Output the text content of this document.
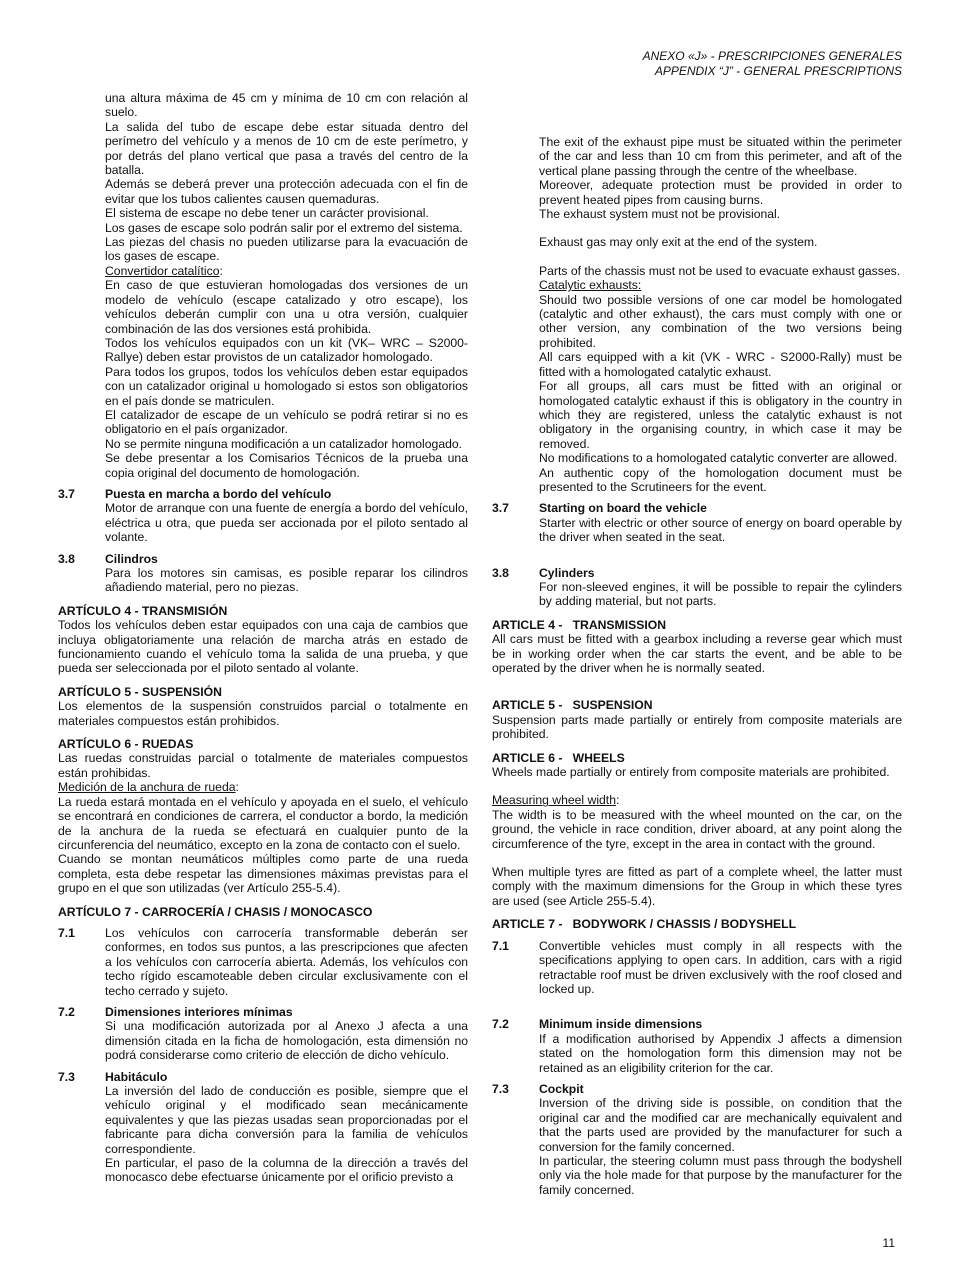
ANEXO «J» - PRESCRIPCIONES GENERALES
APPENDIX “J” - GENERAL PRESCRIPTIONS

una altura máxima de 45 cm y mínima de 10 cm con relación al suelo.

La salida del tubo de escape debe estar situada dentro del perímetro del vehículo y a menos de 10 cm de este perímetro, y por detrás del plano vertical que pasa a través del centro de la batalla.

Además se deberá prever una protección adecuada con el fin de evitar que los tubos calientes causen quemaduras.

El sistema de escape no debe tener un carácter provisional.

Los gases de escape solo podrán salir por el extremo del sistema.

Las piezas del chasis no pueden utilizarse para la evacuación de los gases de escape.

Convertidor catalítico:

En caso de que estuvieran homologadas dos versiones de un modelo de vehículo (escape catalizado y otro escape), los vehículos deberán cumplir con una u otra versión, cualquier combinación de las dos versiones está prohibida.

Todos los vehículos equipados con un kit (VK– WRC – S2000-Rallye) deben estar provistos de un catalizador homologado.

Para todos los grupos, todos los vehículos deben estar equipados con un catalizador original u homologado si estos son obligatorios en el país donde se matriculen.

El catalizador de escape de un vehículo se podrá retirar si no es obligatorio en el país organizador.

No se permite ninguna modificación a un catalizador homologado.

Se debe presentar a los Comisarios Técnicos de la prueba una copia original del documento de homologación.

3.7 Puesta en marcha a bordo del vehículo

Motor de arranque con una fuente de energía a bordo del vehículo, eléctrica u otra, que pueda ser accionada por el piloto sentado al volante.

3.8 Cilindros

Para los motores sin camisas, es posible reparar los cilindros añadiendo material, pero no piezas.

ARTÍCULO 4 - TRANSMISIÓN

Todos los vehículos deben estar equipados con una caja de cambios que incluya obligatoriamente una relación de marcha atrás en estado de funcionamiento cuando el vehículo toma la salida de una prueba, y que pueda ser seleccionada por el piloto sentado al volante.

ARTÍCULO 5 - SUSPENSIÓN

Los elementos de la suspensión construidos parcial o totalmente en materiales compuestos están prohibidos.

ARTÍCULO 6 - RUEDAS

Las ruedas construidas parcial o totalmente de materiales compuestos están prohibidas.

Medición de la anchura de rueda:

La rueda estará montada en el vehículo y apoyada en el suelo, el vehículo se encontrará en condiciones de carrera, el conductor a bordo, la medición de la anchura de la rueda se efectuará en cualquier punto de la circunferencia del neumático, excepto en la zona de contacto con el suelo.

Cuando se montan neumáticos múltiples como parte de una rueda completa, esta debe respetar las dimensiones máximas previstas para el grupo en el que son utilizadas (ver Artículo 255-5.4).

ARTÍCULO 7 - CARROCERÍA / CHASIS / MONOCASCO
7.1 Los vehículos con carrocería transformable deberán ser conformes, en todos sus puntos, a las prescripciones que afecten a los vehículos con carrocería abierta. Además, los vehículos con techo rígido escamoteable deben circular exclusivamente con el techo cerrado y sujeto.

7.2 Dimensiones interiores mínimas

Si una modificación autorizada por al Anexo J afecta a una dimensión citada en la ficha de homologación, esta dimensión no podrá considerarse como criterio de elección de dicho vehículo.

7.3 Habitáculo

La inversión del lado de conducción es posible, siempre que el vehículo original y el modificado sean mecánicamente equivalentes y que las piezas usadas sean proporcionadas por el fabricante para dicha conversión para la familia de vehículos correspondiente.

En particular, el paso de la columna de la dirección a través del monocasco debe efectuarse únicamente por el orificio previsto a

The exit of the exhaust pipe must be situated within the perimeter of the car and less than 10 cm from this perimeter, and aft of the vertical plane passing through the centre of the wheelbase.

Moreover, adequate protection must be provided in order to prevent heated pipes from causing burns.

The exhaust system must not be provisional.

Exhaust gas may only exit at the end of the system.

Parts of the chassis must not be used to evacuate exhaust gasses.

Catalytic exhausts:

Should two possible versions of one car model be homologated (catalytic and other exhaust), the cars must comply with one or other version, any combination of the two versions being prohibited.

All cars equipped with a kit (VK - WRC - S2000-Rally) must be fitted with a homologated catalytic exhaust.

For all groups, all cars must be fitted with an original or homologated catalytic exhaust if this is obligatory in the country in which they are registered, unless the catalytic exhaust is not obligatory in the organising country, in which case it may be removed.

No modifications to a homologated catalytic converter are allowed.

An authentic copy of the homologation document must be presented to the Scrutineers for the event.

3.7 Starting on board the vehicle

Starter with electric or other source of energy on board operable by the driver when seated in the seat.

3.8 Cylinders

For non-sleeved engines, it will be possible to repair the cylinders by adding material, but not parts.

ARTICLE 4 -   TRANSMISSION

All cars must be fitted with a gearbox including a reverse gear which must be in working order when the car starts the event, and be able to be operated by the driver when he is normally seated.

ARTICLE 5 -   SUSPENSION

Suspension parts made partially or entirely from composite materials are prohibited.

ARTICLE 6 -   WHEELS

Wheels made partially or entirely from composite materials are prohibited.

Measuring wheel width:

The width is to be measured with the wheel mounted on the car, on the ground, the vehicle in race condition, driver aboard, at any point along the circumference of the tyre, except in the area in contact with the ground.

When multiple tyres are fitted as part of a complete wheel, the latter must comply with the maximum dimensions for the Group in which these tyres are used (see Article 255-5.4).

ARTICLE 7 -   BODYWORK / CHASSIS / BODYSHELL
7.1 Convertible vehicles must comply in all respects with the specifications applying to open cars. In addition, cars with a rigid retractable roof must be driven exclusively with the roof closed and locked up.

7.2 Minimum inside dimensions

If a modification authorised by Appendix J affects a dimension stated on the homologation form this dimension may not be retained as an eligibility criterion for the car.

7.3 Cockpit

Inversion of the driving side is possible, on condition that the original car and the modified car are mechanically equivalent and that the parts used are provided by the manufacturer for such a conversion for the family concerned.

In particular, the steering column must pass through the bodyshell only via the hole made for that purpose by the manufacturer for the family concerned.

11
